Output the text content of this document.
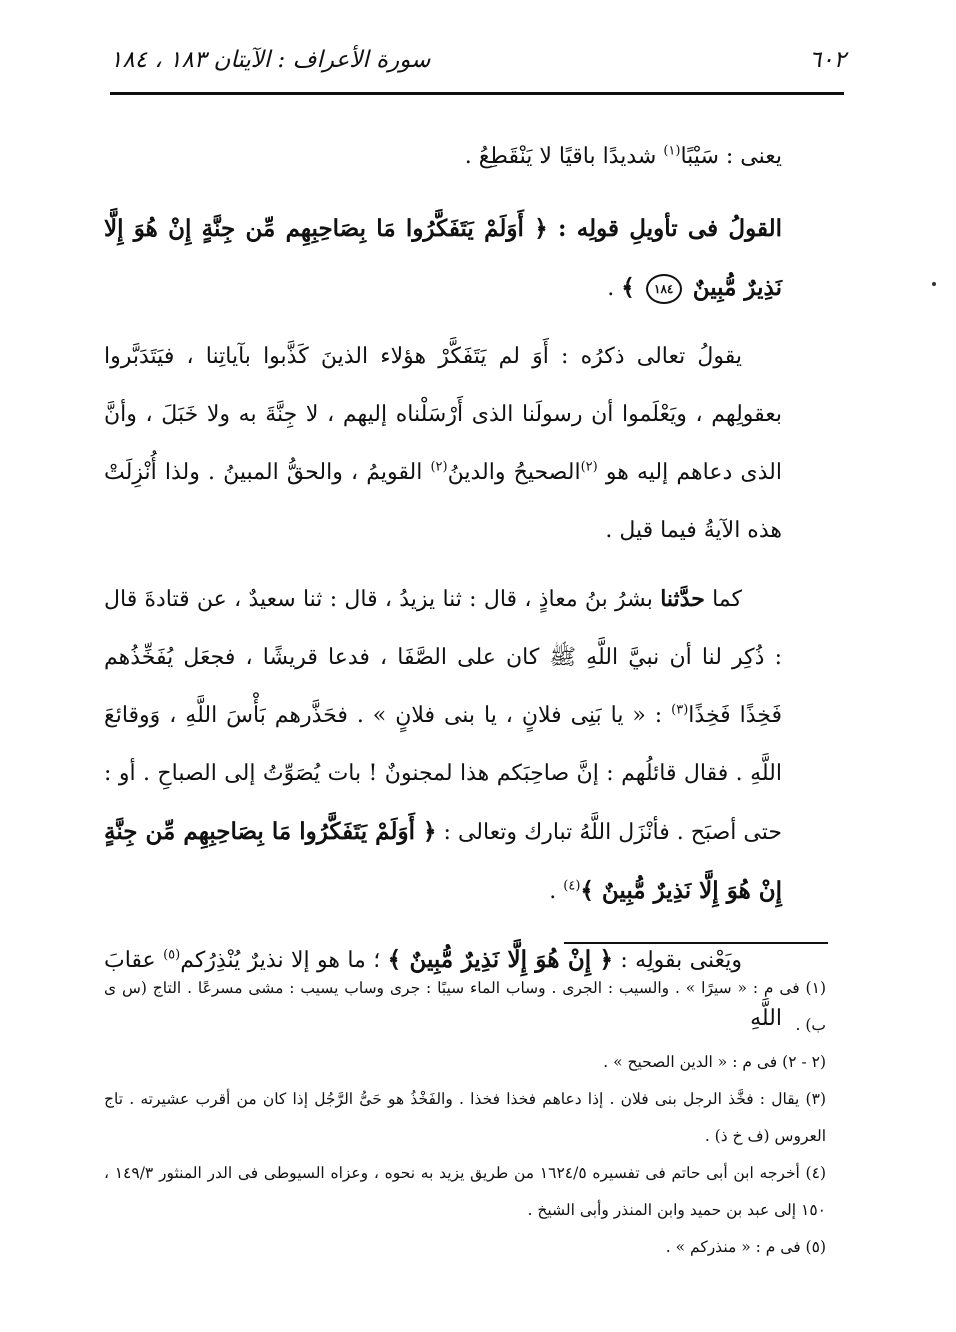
٦٠٢
سورة الأعراف : الآيتان ١٨٣ ، ١٨٤

يعنى : سَيْبًا$^{(١)}$ شديدًا باقيًا لا يَنْقَطِعُ .

القولُ فى تأويلِ قولِه : ﴿ أَوَلَمْ يَتَفَكَّرُوا مَا بِصَاحِبِهِم مِّن جِنَّةٍ إِنْ هُوَ إِلَّا نَذِيرٌ مُّبِينٌ ١٨٤ ﴾ .

يقولُ تعالى ذكرُه : أَوَ لم يَتَفَكَّرْ هؤلاء الذينَ كَذَّبوا بآياتِنا ، فيَتَدَبَّروا بعقولِهم ، ويَعْلَموا أن رسولَنا الذى أَرْسَلْناه إليهم ، لا جِنَّةَ به ولا خَبَلَ ، وأنَّ الذى دعاهم إليه هو $^{(٢)}$الصحيحُ والدينُ$^{(٢)}$ القويمُ ، والحقُّ المبينُ . ولذا أُنْزِلَتْ هذه الآيةُ فيما قيل .

كما حدَّثنا بشرُ بنُ معاذٍ ، قال : ثنا يزيدُ ، قال : ثنا سعيدٌ ، عن قتادةَ قال : ذُكِر لنا أن نبيَّ اللَّهِ ﷺ كان على الصَّفَا ، فدعا قريشًا ، فجعَل يُفَخِّذُهم فَخِذًا فَخِذًا$^{(٣)}$ : « يا بَنِى فلانٍ ، يا بنى فلانٍ » . فحَذَّرهم بَأْسَ اللَّهِ ، وَوقائعَ اللَّهِ . فقال قائلُهم : إنَّ صاحِبَكم هذا لمجنونٌ ! بات يُصَوِّتُ إلى الصباحِ . أو : حتى أصبَح . فأنْزَل اللَّهُ تبارك وتعالى : ﴿ أَوَلَمْ يَتَفَكَّرُوا مَا بِصَاحِبِهِم مِّن جِنَّةٍ إِنْ هُوَ إِلَّا نَذِيرٌ مُّبِينٌ ﴾$^{(٤)}$ .

ويَعْنى بقولِه : ﴿ إِنْ هُوَ إِلَّا نَذِيرٌ مُّبِينٌ ﴾ ؛ ما هو إلا نذيرٌ يُنْذِرُكم$^{(٥)}$ عقابَ اللَّهِ

(١) فى م : « سيرًا » . والسيب : الجرى . وساب الماء سيبًا : جرى وساب يسيب : مشى مسرعًا . التاج (س ى ب) .

(٢ - ٢) فى م : « الدين الصحيح » .

(٣) يقال : فخَّذ الرجل بنى فلان . إذا دعاهم فخذا فخذا . والفَخْذُ هو حَىُّ الرَّجُل إذا كان من أقرب عشيرته . تاج العروس (ف خ ذ) .

(٤) أخرجه ابن أبى حاتم فى تفسيره ١٦٢٤/٥ من طريق يزيد به نحوه ، وعزاه السيوطى فى الدر المنثور ١٤٩/٣ ، ١٥٠ إلى عبد بن حميد وابن المنذر وأبى الشيخ .

(٥) فى م : « منذركم » .
